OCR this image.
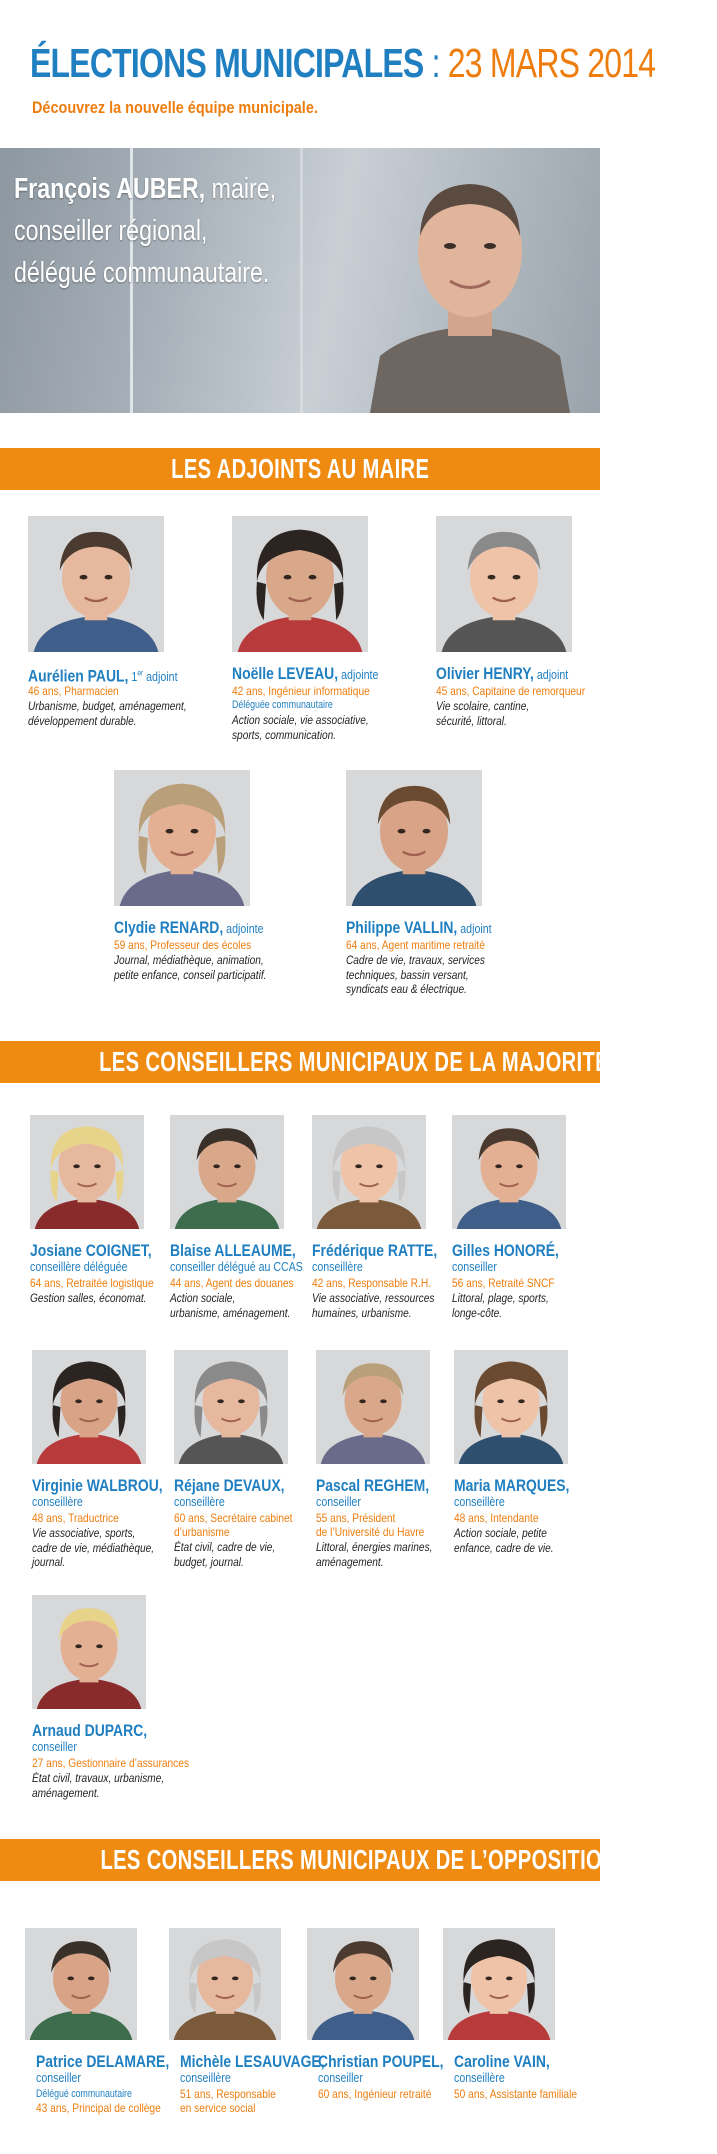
ÉLECTIONS MUNICIPALES : 23 MARS 2014
Découvrez la nouvelle équipe municipale.
François AUBER, maire,
conseiller régional,
délégué communautaire.
LES ADJOINTS AU MAIRE
LES CONSEILLERS MUNICIPAUX DE LA MAJORITÉ
LES CONSEILLERS MUNICIPAUX DE L’OPPOSITION
Aurélien PAUL, 1er adjoint
46 ans, Pharmacien
Urbanisme, budget, aménagement,
développement durable.
Noëlle LEVEAU, adjointe
42 ans, Ingénieur informatique
Déléguée communautaire
Action sociale, vie associative,
sports, communication.
Olivier HENRY, adjoint
45 ans, Capitaine de remorqueur
Vie scolaire, cantine,
sécurité, littoral.
Clydie RENARD, adjointe
59 ans, Professeur des écoles
Journal, médiathèque, animation,
petite enfance, conseil participatif.
Philippe VALLIN, adjoint
64 ans, Agent maritime retraité
Cadre de vie, travaux, services
techniques, bassin versant,
syndicats eau & électrique.
Josiane COIGNET,
conseillère déléguée
64 ans, Retraitée logistique
Gestion salles, économat.
Blaise ALLEAUME,
conseiller délégué au CCAS
44 ans, Agent des douanes
Action sociale,
urbanisme, aménagement.
Frédérique RATTE,
conseillère
42 ans, Responsable R.H.
Vie associative, ressources
humaines, urbanisme.
Gilles HONORÉ,
conseiller
56 ans, Retraité SNCF
Littoral, plage, sports,
longe-côte.
Virginie WALBROU,
conseillère
48 ans, Traductrice
Vie associative, sports,
cadre de vie, médiathèque,
journal.
Réjane DEVAUX,
conseillère
60 ans, Secrétaire cabinet
d’urbanisme
État civil, cadre de vie,
budget, journal.
Pascal REGHEM,
conseiller
55 ans, Président
de l’Université du Havre
Littoral, énergies marines,
aménagement.
Maria MARQUES,
conseillère
48 ans, Intendante
Action sociale, petite
enfance, cadre de vie.
Arnaud DUPARC,
conseiller
27 ans, Gestionnaire d’assurances
État civil, travaux, urbanisme,
aménagement.
Patrice DELAMARE,
conseiller
Délégué communautaire
43 ans, Principal de collège
Michèle LESAUVAGE,
conseillère
51 ans, Responsable
en service social
Christian POUPEL,
conseiller
60 ans, Ingénieur retraité
Caroline VAIN,
conseillère
50 ans, Assistante familiale
